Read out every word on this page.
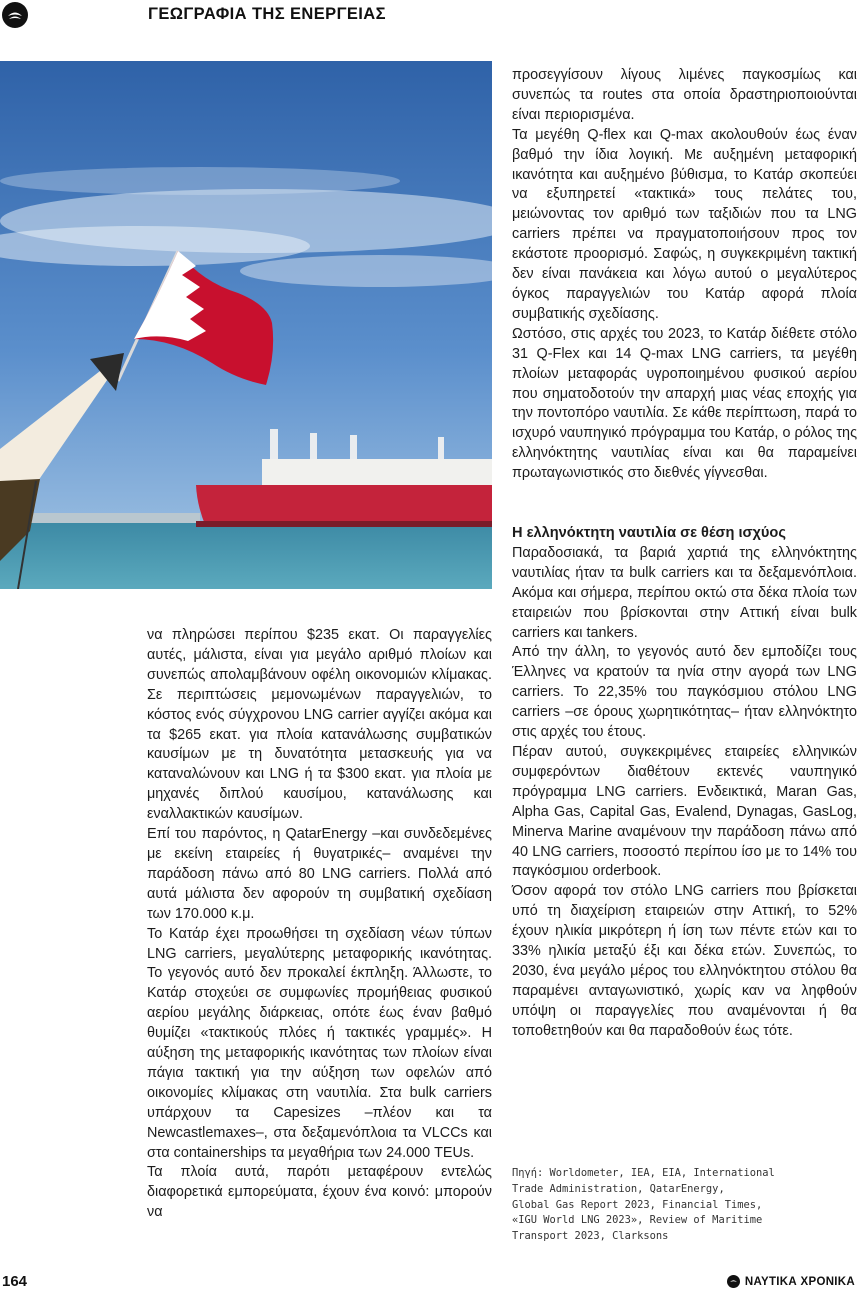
ΓΕΩΓΡΑΦΙΑ ΤΗΣ ΕΝΕΡΓΕΙΑΣ

να πληρώσει περίπου $235 εκατ. Οι παραγγελίες αυτές, μάλιστα, είναι για μεγάλο αριθμό πλοίων και συνεπώς απολαμβάνουν οφέλη οικονομιών κλίμακας. Σε περιπτώσεις μεμονωμένων παραγγελιών, το κόστος ενός σύγχρονου LNG carrier αγγίζει ακόμα και τα $265 εκατ. για πλοία κατανάλωσης συμβατικών καυσίμων με τη δυνατότητα μετασκευής για να καταναλώνουν και LNG ή τα $300 εκατ. για πλοία με μηχανές διπλού καυσίμου, κατανάλωσης και εναλλακτικών καυσίμων.

Επί του παρόντος, η QatarEnergy –και συνδεδεμένες με εκείνη εταιρείες ή θυγατρικές– αναμένει την παράδοση πάνω από 80 LNG carriers. Πολλά από αυτά μάλιστα δεν αφορούν τη συμβατική σχεδίαση των 170.000 κ.μ.

Το Κατάρ έχει προωθήσει τη σχεδίαση νέων τύπων LNG carriers, μεγαλύτερης μεταφορικής ικανότητας. Το γεγονός αυτό δεν προκαλεί έκπληξη. Άλλωστε, το Κατάρ στοχεύει σε συμφωνίες προμήθειας φυσικού αερίου μεγάλης διάρκειας, οπότε έως έναν βαθμό θυμίζει «τακτικούς πλόες ή τακτικές γραμμές». Η αύξηση της μεταφορικής ικανότητας των πλοίων είναι πάγια τακτική για την αύξηση των οφελών από οικονομίες κλίμακας στη ναυτιλία. Στα bulk carriers υπάρχουν τα Capesizes –πλέον και τα Newcastlemaxes–, στα δεξαμενόπλοια τα VLCCs και στα containerships τα μεγαθήρια των 24.000 TEUs.

Τα πλοία αυτά, παρότι μεταφέρουν εντελώς διαφορετικά εμπορεύματα, έχουν ένα κοινό: μπορούν να

προσεγγίσουν λίγους λιμένες παγκοσμίως και συνεπώς τα routes στα οποία δραστηριοποιούνται είναι περιορισμένα.

Τα μεγέθη Q-flex και Q-max ακολουθούν έως έναν βαθμό την ίδια λογική. Με αυξημένη μεταφορική ικανότητα και αυξημένο βύθισμα, το Κατάρ σκοπεύει να εξυπηρετεί «τακτικά» τους πελάτες του, μειώνοντας τον αριθμό των ταξιδιών που τα LNG carriers πρέπει να πραγματοποιήσουν προς τον εκάστοτε προορισμό. Σαφώς, η συγκεκριμένη τακτική δεν είναι πανάκεια και λόγω αυτού ο μεγαλύτερος όγκος παραγγελιών του Κατάρ αφορά πλοία συμβατικής σχεδίασης.

Ωστόσο, στις αρχές του 2023, το Κατάρ διέθετε στόλο 31 Q-Flex και 14 Q-max LNG carriers, τα μεγέθη πλοίων μεταφοράς υγροποιημένου φυσικού αερίου που σηματοδοτούν την απαρχή μιας νέας εποχής για την ποντοπόρο ναυτιλία. Σε κάθε περίπτωση, παρά το ισχυρό ναυπηγικό πρόγραμμα του Κατάρ, ο ρόλος της ελληνόκτητης ναυτιλίας είναι και θα παραμείνει πρωταγωνιστικός στο διεθνές γίγνεσθαι.

Η ελληνόκτητη ναυτιλία σε θέση ισχύος

Παραδοσιακά, τα βαριά χαρτιά της ελληνόκτητης ναυτιλίας ήταν τα bulk carriers και τα δεξαμενόπλοια. Ακόμα και σήμερα, περίπου οκτώ στα δέκα πλοία των εταιρειών που βρίσκονται στην Αττική είναι bulk carriers και tankers.

Από την άλλη, το γεγονός αυτό δεν εμποδίζει τους Έλληνες να κρατούν τα ηνία στην αγορά των LNG carriers. Το 22,35% του παγκόσμιου στόλου LNG carriers –σε όρους χωρητικότητας– ήταν ελληνόκτητο στις αρχές του έτους.

Πέραν αυτού, συγκεκριμένες εταιρείες ελληνικών συμφερόντων διαθέτουν εκτενές ναυπηγικό πρόγραμμα LNG carriers. Ενδεικτικά, Maran Gas, Alpha Gas, Capital Gas, Evalend, Dynagas, GasLog, Minerva Marine αναμένουν την παράδοση πάνω από 40 LNG carriers, ποσοστό περίπου ίσο με το 14% του παγκόσμιου orderbook.

Όσον αφορά τον στόλο LNG carriers που βρίσκεται υπό τη διαχείριση εταιρειών στην Αττική, το 52% έχουν ηλικία μικρότερη ή ίση των πέντε ετών και το 33% ηλικία μεταξύ έξι και δέκα ετών. Συνεπώς, το 2030, ένα μεγάλο μέρος του ελληνόκτητου στόλου θα παραμένει ανταγωνιστικό, χωρίς καν να ληφθούν υπόψη οι παραγγελίες που αναμένονται ή θα τοποθετηθούν και θα παραδοθούν έως τότε.

Πηγή: Worldometer, IEA, EIA, International
Trade Administration, QatarEnergy,
Global Gas Report 2023, Financial Times,
«IGU World LNG 2023», Review of Maritime
Transport 2023, Clarksons
164	ΝΑΥΤΙΚΑ ΧΡΟΝΙΚΑ
